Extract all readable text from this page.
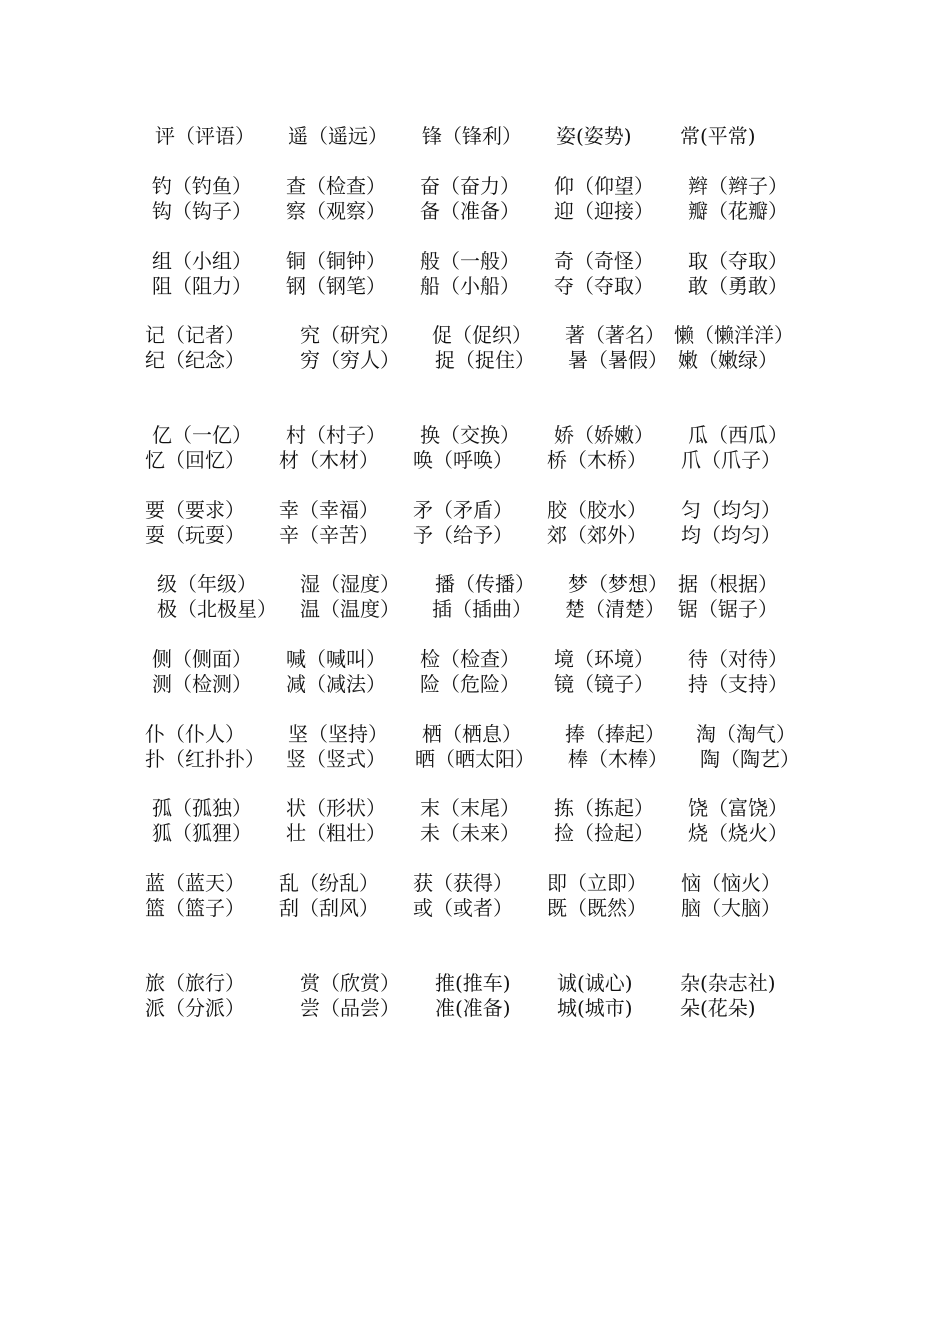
评（评语） 遥（遥远） 锋（锋利） 姿(姿势) 常(平常)
钓（钓鱼） 查（检查） 奋（奋力） 仰（仰望） 辫（辫子）
钩（钩子） 察（观察） 备（准备） 迎（迎接） 瓣（花瓣）
组（小组） 铜（铜钟） 般（一般） 奇（奇怪） 取（夺取）
阻（阻力） 钢（钢笔） 船（小船） 夺（夺取） 敢（勇敢）
记（记者）	究（研究） 促（促织） 著（著名） 懒（懒洋洋）
纪（纪念）	穷（穷人） 捉（捉住） 暑（暑假） 嫩（嫩绿）
亿（一亿） 村（村子） 换（交换） 娇（娇嫩） 瓜（西瓜）
忆（回忆） 材（木材） 唤（呼唤） 桥（木桥） 爪（爪子）
要（要求） 幸（幸福） 矛（矛盾） 胶（胶水） 匀（均匀）
耍（玩耍） 辛（辛苦） 予（给予） 郊（郊外） 均（均匀）
级（年级） 湿（湿度） 播（传播） 梦（梦想） 据（根据）
极（北极星） 温（温度） 插（插曲） 楚（清楚） 锯（锯子）
侧（侧面） 喊（喊叫） 检（检查） 境（环境） 待（对待）
测（检测） 减（减法） 险（危险） 镜（镜子） 持（支持）
仆（仆人） 坚（坚持） 栖（栖息） 捧（捧起） 淘（淘气）
扑（红扑扑） 竖（竖式） 晒（晒太阳） 棒（木棒） 陶（陶艺）
孤（孤独） 状（形状） 末（末尾） 拣（拣起） 饶（富饶）
狐（狐狸） 壮（粗壮） 未（未来） 捡（捡起） 烧（烧火）
蓝（蓝天） 乱（纷乱） 获（获得） 即（立即） 恼（恼火）
篮（篮子） 刮（刮风） 或（或者） 既（既然） 脑（大脑）
旅（旅行）	赏（欣赏） 推(推车) 诚(诚心) 杂(杂志社)
派（分派）	尝（品尝） 准(准备) 城(城市) 朵(花朵)
